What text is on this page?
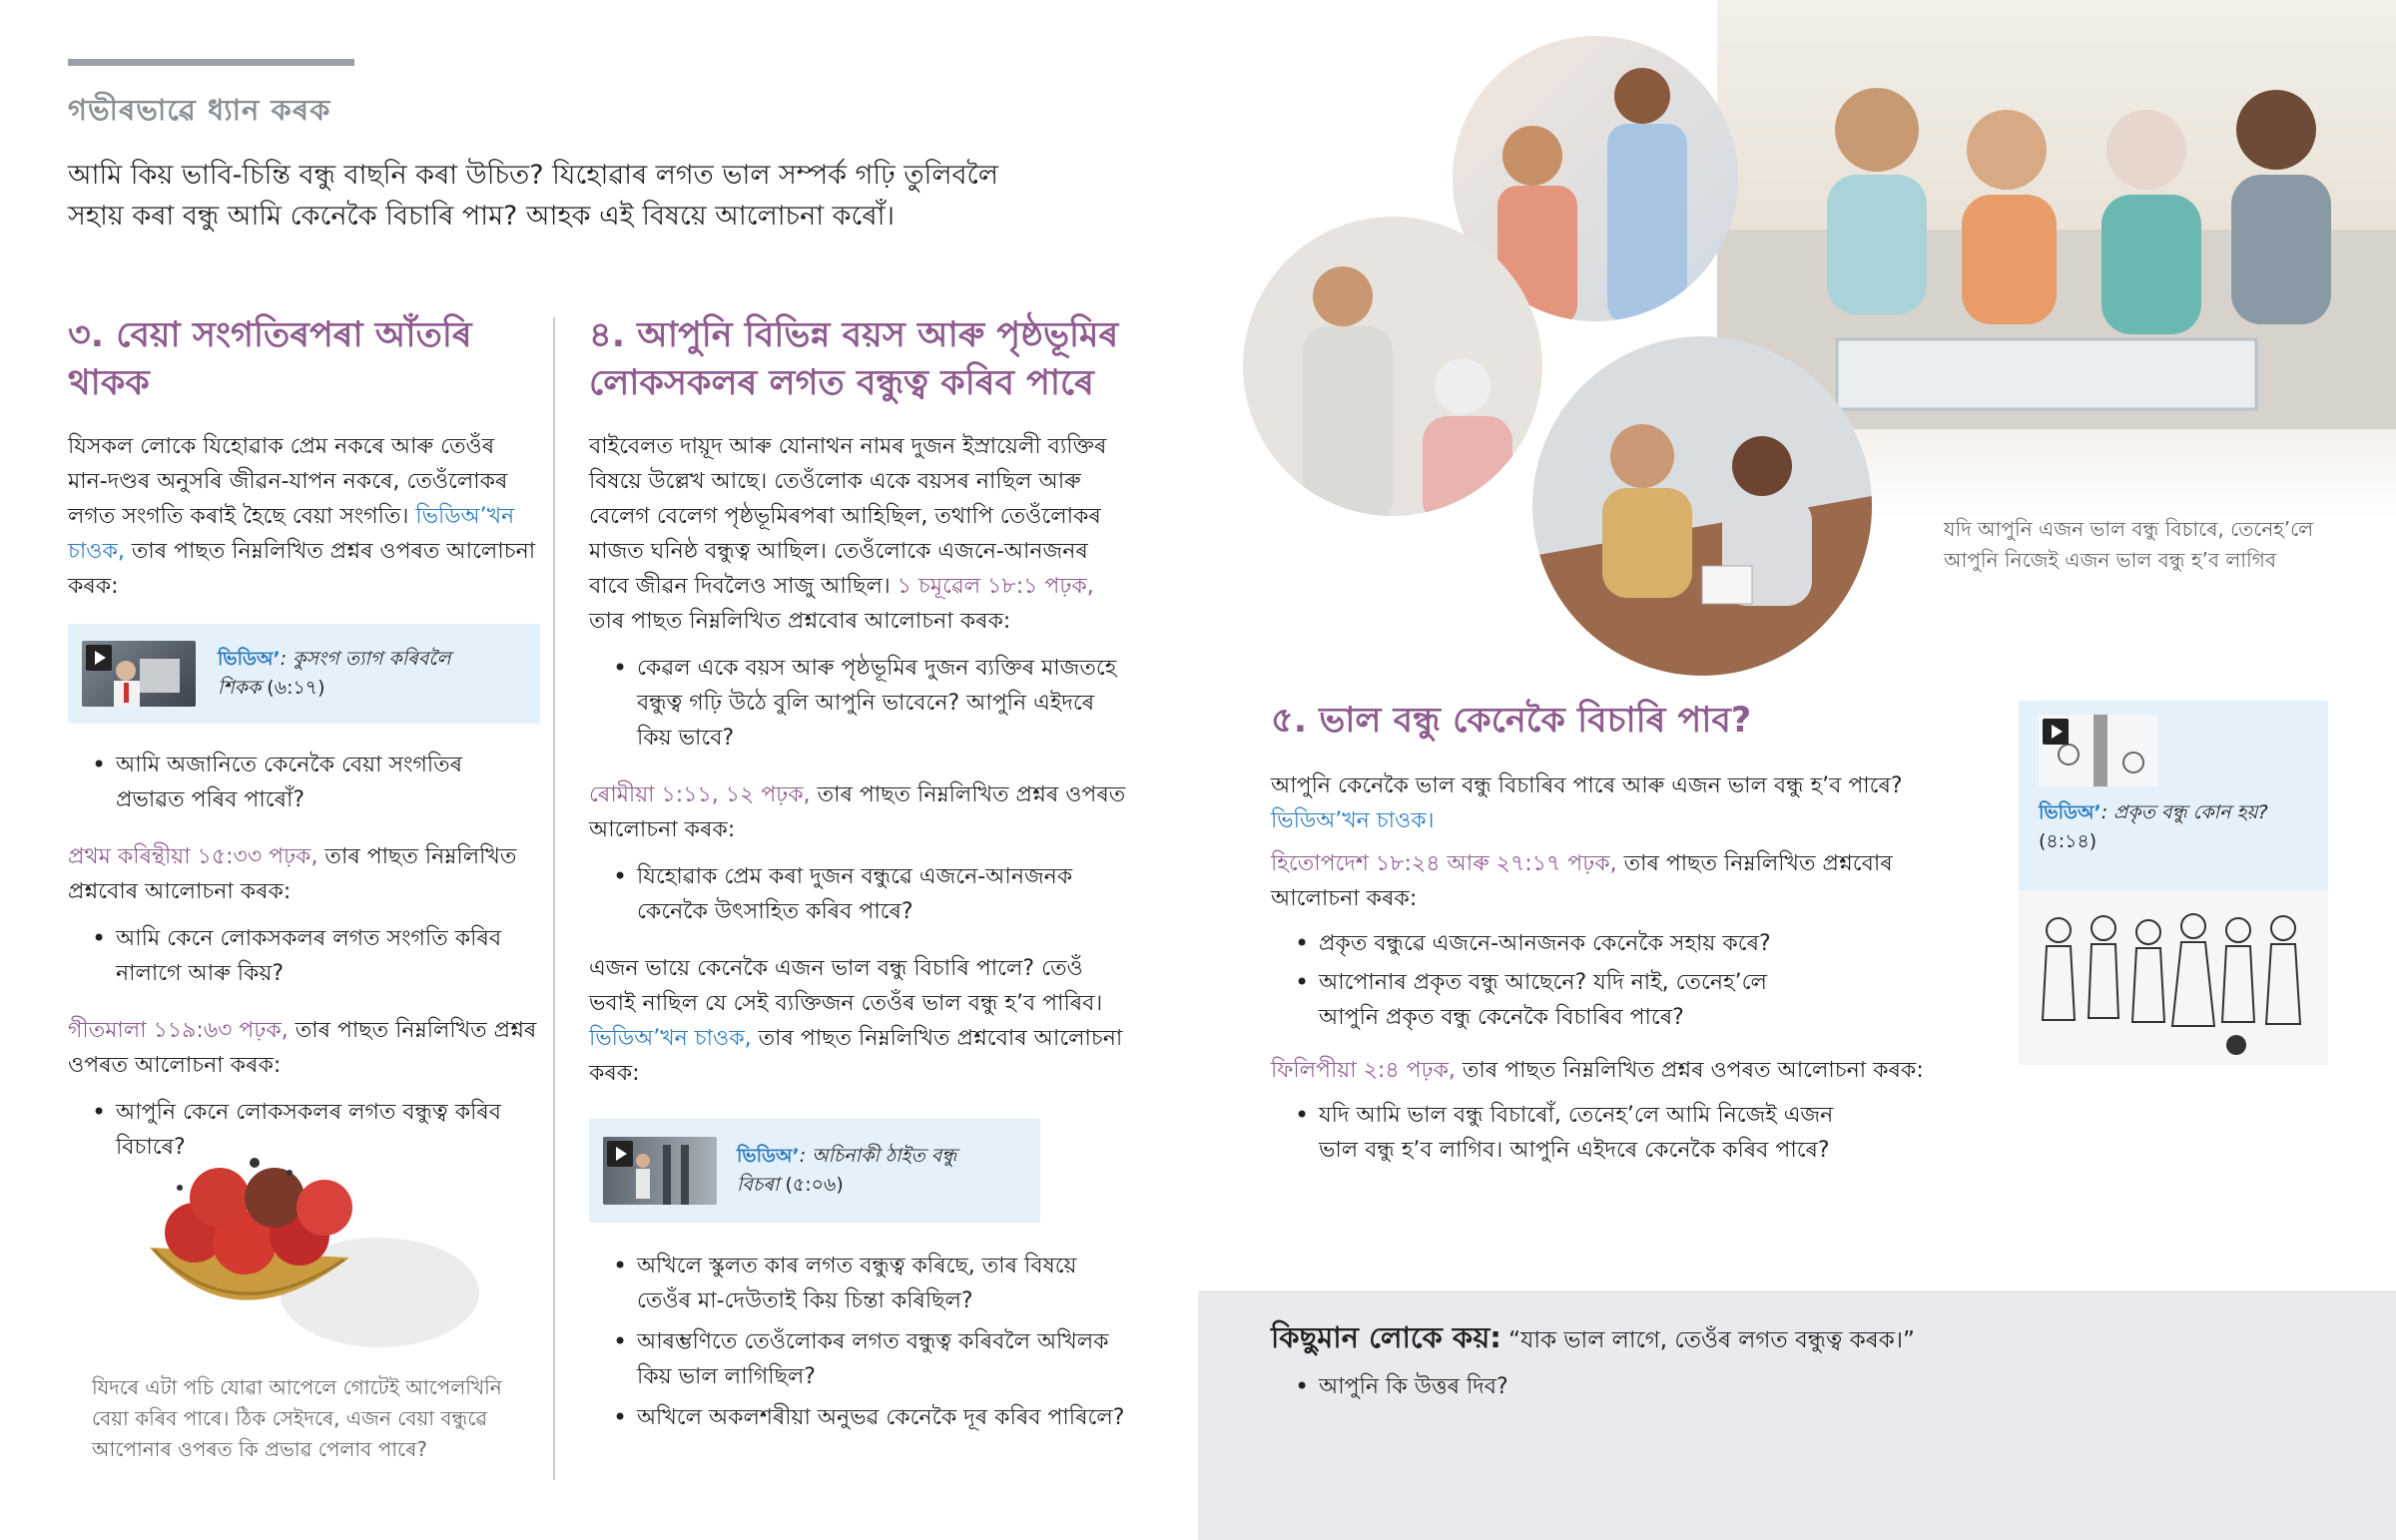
গভীৰভাৱে ধ্যান কৰক
আমি কিয় ভাবি-চিন্তি বন্ধু বাছনি কৰা উচিত? যিহোৱাৰ লগত ভাল সম্পৰ্ক গঢ়ি তুলিবলৈ সহায় কৰা বন্ধু আমি কেনেকৈ বিচাৰি পাম? আহক এই বিষয়ে আলোচনা কৰোঁ।
৩. বেয়া সংগতিৰপৰা আঁতৰি থাকক
যিসকল লোকে যিহোৱাক প্ৰেম নকৰে আৰু তেওঁৰ মান-দণ্ডৰ অনুসৰি জীৱন-যাপন নকৰে, তেওঁলোকৰ লগত সংগতি কৰাই হৈছে বেয়া সংগতি। ভিডিঅ’খন চাওক, তাৰ পাছত নিম্নলিখিত প্ৰশ্নৰ ওপৰত আলোচনা কৰক:
ভিডিঅ’: কুসংগ ত্যাগ কৰিবলৈ শিকক (৬:১৭)
• আমি অজানিতে কেনেকৈ বেয়া সংগতিৰ প্ৰভাৱত পৰিব পাৰোঁ?
প্ৰথম কৰিন্থীয়া ১৫:৩৩ পঢ়ক, তাৰ পাছত নিম্নলিখিত প্ৰশ্নবোৰ আলোচনা কৰক:
• আমি কেনে লোকসকলৰ লগত সংগতি কৰিব নালাগে আৰু কিয়?
গীতমালা ১১৯:৬৩ পঢ়ক, তাৰ পাছত নিম্নলিখিত প্ৰশ্নৰ ওপৰত আলোচনা কৰক:
• আপুনি কেনে লোকসকলৰ লগত বন্ধুত্ব কৰিব বিচাৰে?
যিদৰে এটা পচি যোৱা আপেলে গোটেই আপেলখিনি বেয়া কৰিব পাৰে। ঠিক সেইদৰে, এজন বেয়া বন্ধুৱে আপোনাৰ ওপৰত কি প্ৰভাৱ পেলাব পাৰে?
৪. আপুনি বিভিন্ন বয়স আৰু পৃষ্ঠভূমিৰ লোকসকলৰ লগত বন্ধুত্ব কৰিব পাৰে
বাইবেলত দায়ূদ আৰু যোনাথন নামৰ দুজন ইস্ৰায়েলী ব্যক্তিৰ বিষয়ে উল্লেখ আছে। তেওঁলোক একে বয়সৰ নাছিল আৰু বেলেগ বেলেগ পৃষ্ঠভূমিৰপৰা আহিছিল, তথাপি তেওঁলোকৰ মাজত ঘনিষ্ঠ বন্ধুত্ব আছিল। তেওঁলোকে এজনে-আনজনৰ বাবে জীৱন দিবলৈও সাজু আছিল। ১ চমূৱেল ১৮:১ পঢ়ক, তাৰ পাছত নিম্নলিখিত প্ৰশ্নবোৰ আলোচনা কৰক:
• কেৱল একে বয়স আৰু পৃষ্ঠভূমিৰ দুজন ব্যক্তিৰ মাজতহে বন্ধুত্ব গঢ়ি উঠে বুলি আপুনি ভাবেনে? আপুনি এইদৰে কিয় ভাবে?
ৰোমীয়া ১:১১, ১২ পঢ়ক, তাৰ পাছত নিম্নলিখিত প্ৰশ্নৰ ওপৰত আলোচনা কৰক:
• যিহোৱাক প্ৰেম কৰা দুজন বন্ধুৱে এজনে-আনজনক কেনেকৈ উৎসাহিত কৰিব পাৰে?
এজন ভায়ে কেনেকৈ এজন ভাল বন্ধু বিচাৰি পালে? তেওঁ ভবাই নাছিল যে সেই ব্যক্তিজন তেওঁৰ ভাল বন্ধু হ’ব পাৰিব। ভিডিঅ’খন চাওক, তাৰ পাছত নিম্নলিখিত প্ৰশ্নবোৰ আলোচনা কৰক:
ভিডিঅ’: অচিনাকী ঠাইত বন্ধু বিচৰা (৫:০৬)
• অখিলে স্কুলত কাৰ লগত বন্ধুত্ব কৰিছে, তাৰ বিষয়ে তেওঁৰ মা-দেউতাই কিয় চিন্তা কৰিছিল?
• আৰম্ভণিতে তেওঁলোকৰ লগত বন্ধুত্ব কৰিবলৈ অখিলক কিয় ভাল লাগিছিল?
• অখিলে অকলশৰীয়া অনুভৱ কেনেকৈ দূৰ কৰিব পাৰিলে?
যদি আপুনি এজন ভাল বন্ধু বিচাৰে, তেনেহ’লে আপুনি নিজেই এজন ভাল বন্ধু হ’ব লাগিব
৫. ভাল বন্ধু কেনেকৈ বিচাৰি পাব?
আপুনি কেনেকৈ ভাল বন্ধু বিচাৰিব পাৰে আৰু এজন ভাল বন্ধু হ’ব পাৰে?
ভিডিঅ’খন চাওক।
হিতোপদেশ ১৮:২৪ আৰু ২৭:১৭ পঢ়ক, তাৰ পাছত নিম্নলিখিত প্ৰশ্নবোৰ আলোচনা কৰক:
• প্ৰকৃত বন্ধুৱে এজনে-আনজনক কেনেকৈ সহায় কৰে?
• আপোনাৰ প্ৰকৃত বন্ধু আছেনে? যদি নাই, তেনেহ’লে আপুনি প্ৰকৃত বন্ধু কেনেকৈ বিচাৰিব পাৰে?
ফিলিপীয়া ২:৪ পঢ়ক, তাৰ পাছত নিম্নলিখিত প্ৰশ্নৰ ওপৰত আলোচনা কৰক:
• যদি আমি ভাল বন্ধু বিচাৰোঁ, তেনেহ’লে আমি নিজেই এজন ভাল বন্ধু হ’ব লাগিব। আপুনি এইদৰে কেনেকৈ কৰিব পাৰে?
ভিডিঅ’: প্ৰকৃত বন্ধু কোন হয়?
(৪:১৪)
কিছুমান লোকে কয়: “যাক ভাল লাগে, তেওঁৰ লগত বন্ধুত্ব কৰক।”
• আপুনি কি উত্তৰ দিব?
